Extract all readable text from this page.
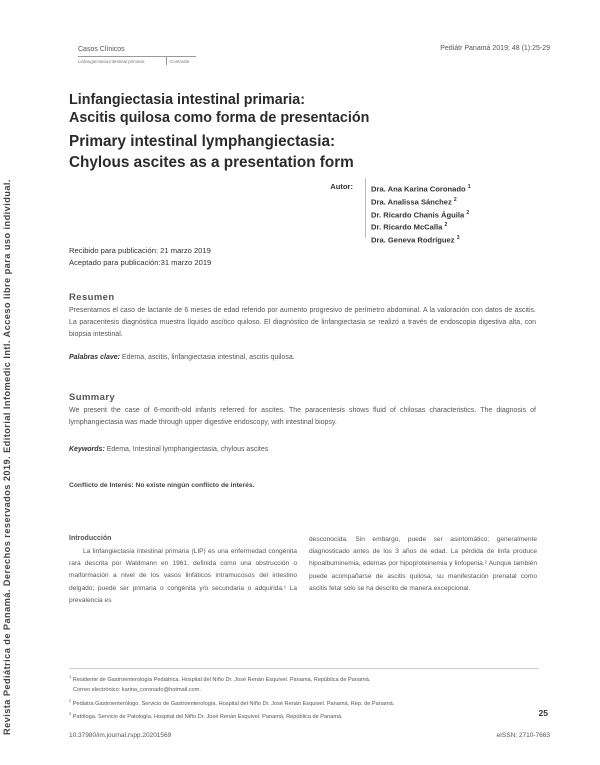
Revista Pediátrica de Panamá. Derechos reservados 2019. Editorial Infomedic Intl. Acceso libre para uso individual.
Casos Clínicos
Linfangiectasia intestinal primaria	Contraste
Pediátr Panamá 2019; 48 (1):25-29
Linfangiectasia intestinal primaria:
Ascitis quilosa como forma de presentación
Primary intestinal lymphangiectasia:
Chylous ascites as a presentation form
Autor: Dra. Ana Karina Coronado $^1$
Dra. Analissa Sánchez $^2$
Dr. Ricardo Chanis Águila $^2$
Dr. Ricardo McCalla $^2$
Dra. Geneva Rodríguez $^3$
Recibido para publicación: 21 marzo 2019
Aceptado para publicación:31 marzo 2019
Resumen
Presentamos el caso de lactante de 6 meses de edad referido por aumento progresivo de perímetro abdominal. A la valoración con datos de ascitis. La paracentesis diagnóstica muestra líquido ascítico quiloso. El diagnóstico de linfangiectasia se realizó a través de endoscopia digestiva alta, con biopsia intestinal.
Palabras clave: Edema, ascitis, linfangiectasia intestinal, ascitis quilosa.
Summary
We present the case of 6-month-old infants referred for ascites. The paracentesis shows fluid of chilosas characteristics. The diagnosis of lymphangiectasia was made through upper digestive endoscopy, with intestinal biopsy.
Keywords: Edema, Intestinal lymphangiectasia, chylous ascites
Conflicto de Interés: No existe ningún conflicto de interés.
Introducción

La linfangiectasia intestinal primaria (LIP) es una enfermedad congénita rara descrita por Waldmann en 1961, definida como una obstrucción o malformación a nivel de los vasos linfáticos intramucosos del intestino delgado; puede ser primaria o congénita y/o secundaria o adquirida.¹ La prevalencia es

desconocida. Sin embargo, puede ser asintomático; generalmente diagnosticado antes de los 3 años de edad. La pérdida de linfa produce hipoalbuminemia, edemas por hipoproteinemia y linfopenia.² Aunque también puede acompañarse de ascitis quilosa, su manifestación prenatal como ascitis fetal sólo se ha descrito de manera excepcional.

$^1$ Residente de Gastroenterología Pediátrica. Hospital del Niño Dr. José Renán Esquivel. Panamá, República de Panamá.
Correo electrónico: karina_coronado@hotmail.com.
$^2$ Pediatra Gastroenterólogo. Servicio de Gastroenterología. Hospital del Niño Dr. José Renán Esquivel. Panamá, Rep. de Panamá.
$^3$ Patóloga. Servicio de Patología. Hospital del Niño Dr. José Renán Esquivel. Panamá, República de Panamá.	25
10.37980/im.journal.rspp.20201569	eISSN: 2710-7663
